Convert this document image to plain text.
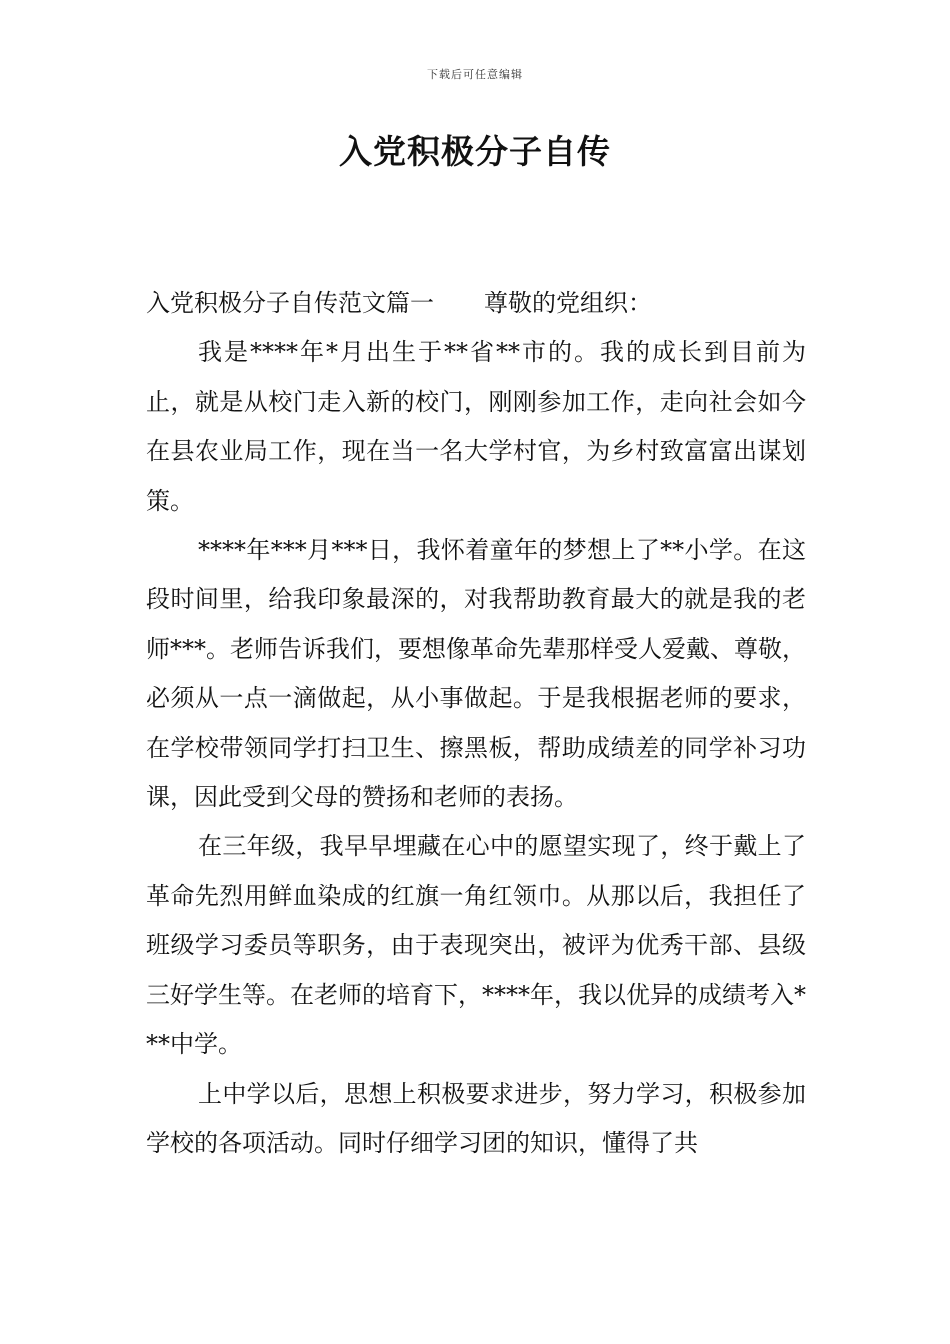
下载后可任意编辑
入党积极分子自传

入党积极分子自传范文篇一 尊敬的党组织：

我是****年*月出生于**省**市的。我的成长到目前为止，就是从校门走入新的校门，刚刚参加工作，走向社会如今在县农业局工作，现在当一名大学村官，为乡村致富富出谋划策。

****年***月***日，我怀着童年的梦想上了**小学。在这段时间里，给我印象最深的，对我帮助教育最大的就是我的老师***。老师告诉我们，要想像革命先辈那样受人爱戴、尊敬，必须从一点一滴做起，从小事做起。于是我根据老师的要求，在学校带领同学打扫卫生、擦黑板，帮助成绩差的同学补习功课，因此受到父母的赞扬和老师的表扬。

在三年级，我早早埋藏在心中的愿望实现了，终于戴上了革命先烈用鲜血染成的红旗一角红领巾。从那以后，我担任了班级学习委员等职务，由于表现突出，被评为优秀干部、县级三好学生等。在老师的培育下，****年，我以优异的成绩考入***中学。

上中学以后，思想上积极要求进步，努力学习，积极参加学校的各项活动。同时仔细学习团的知识，懂得了共
